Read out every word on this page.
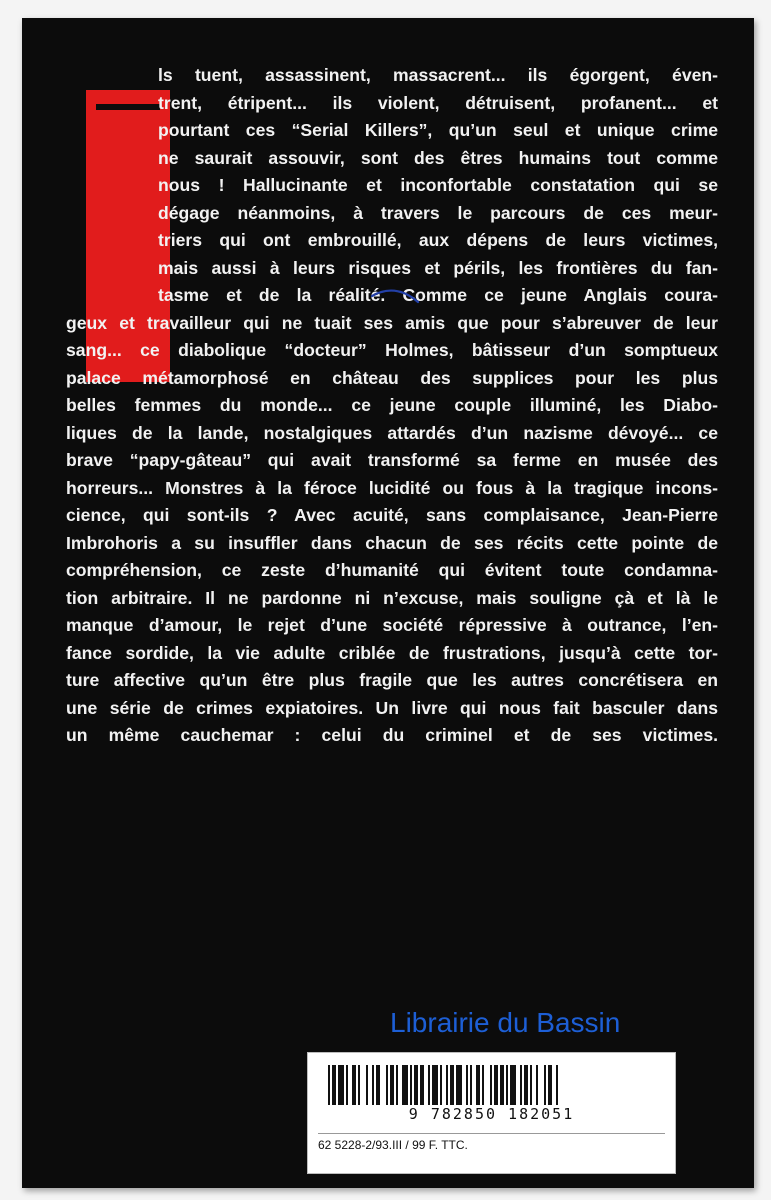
ls tuent, assassinent, massacrent... ils égorgent, éven-
trent, étripent... ils violent, détruisent, profanent... et
pourtant ces “Serial Killers”, qu’un seul et unique crime
ne saurait assouvir, sont des êtres humains tout comme
nous ! Hallucinante et inconfortable constatation qui se
dégage néanmoins, à travers le parcours de ces meur-
triers qui ont embrouillé, aux dépens de leurs victimes,
mais aussi à leurs risques et périls, les frontières du fan-
tasme et de la réalité. Comme ce jeune Anglais coura-
geux et travailleur qui ne tuait ses amis que pour s’abreuver de leur
sang... ce diabolique “docteur” Holmes, bâtisseur d’un somptueux
palace métamorphosé en château des supplices pour les plus
belles femmes du monde... ce jeune couple illuminé, les Diabo-
liques de la lande, nostalgiques attardés d’un nazisme dévoyé... ce
brave “papy-gâteau” qui avait transformé sa ferme en musée des
horreurs... Monstres à la féroce lucidité ou fous à la tragique incons-
cience, qui sont-ils ? Avec acuité, sans complaisance, Jean-Pierre
Imbrohoris a su insuffler dans chacun de ses récits cette pointe de
compréhension, ce zeste d’humanité qui évitent toute condamna-
tion arbitraire. Il ne pardonne ni n’excuse, mais souligne çà et là le
manque d’amour, le rejet d’une société répressive à outrance, l’en-
fance sordide, la vie adulte criblée de frustrations, jusqu’à cette tor-
ture affective qu’un être plus fragile que les autres concrétisera en
une série de crimes expiatoires. Un livre qui nous fait basculer dans
un même cauchemar : celui du criminel et de ses victimes.

Librairie du Bassin
9 782850 182051
62 5228-2/93.III / 99 F. TTC.
